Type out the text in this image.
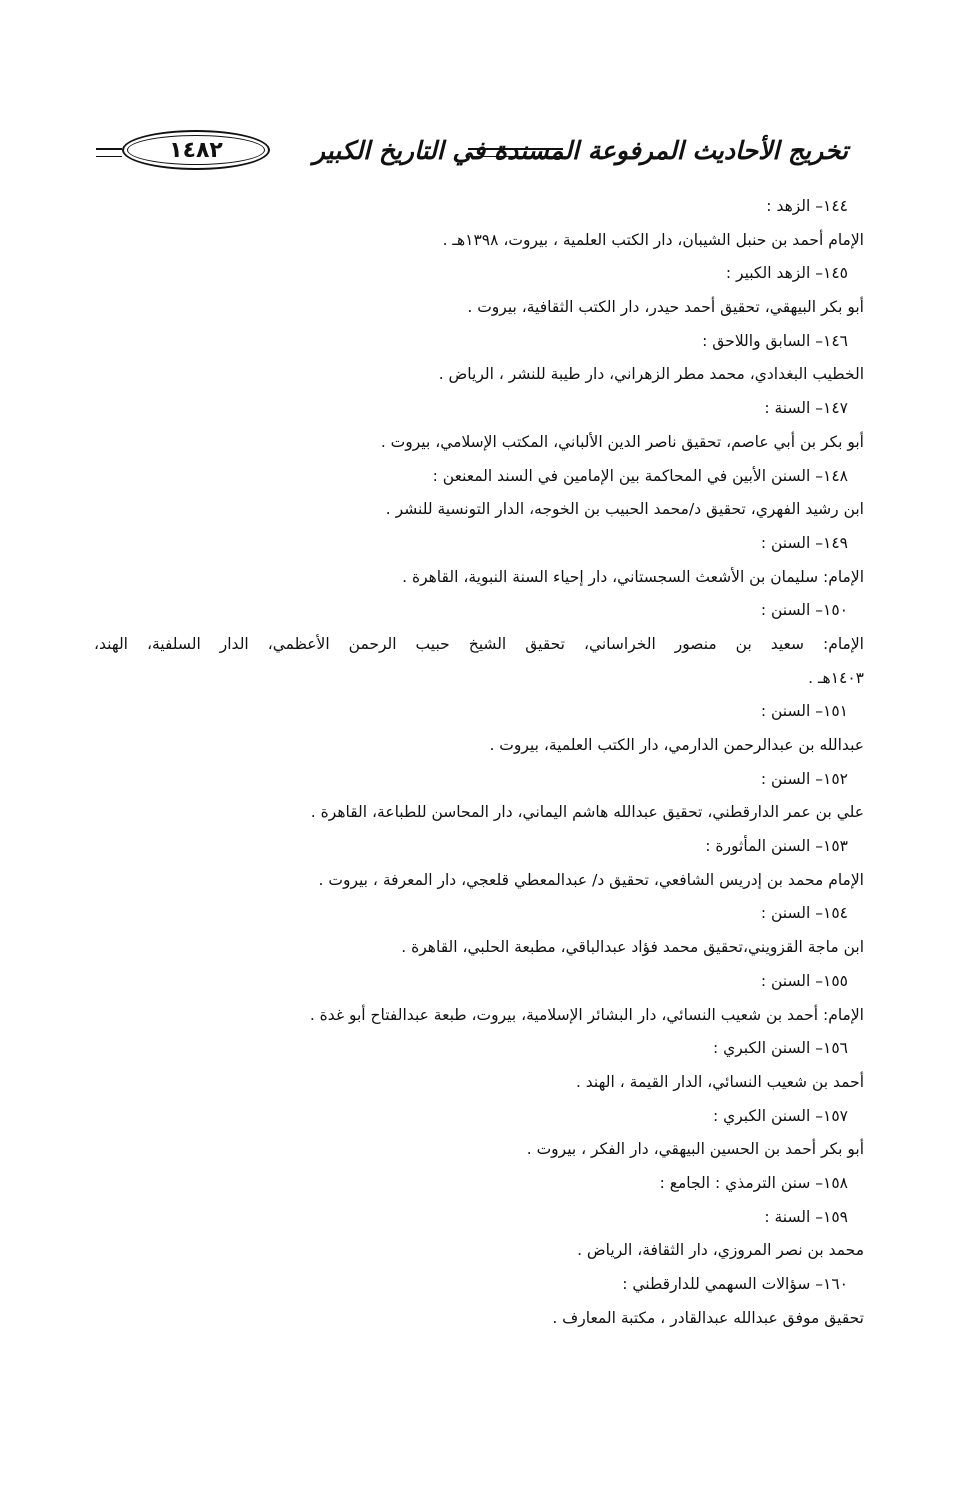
تخريج الأحاديث المرفوعة المسندة في التاريخ الكبير
١٤٨٢
١٤٤– الزهد :
الإمام أحمد بن حنبل الشيبان، دار الكتب العلمية ، بيروت، ١٣٩٨هـ .
١٤٥– الزهد الكبير :
أبو بكر البيهقي، تحقيق أحمد حيدر، دار الكتب الثقافية، بيروت .
١٤٦– السابق واللاحق :
الخطيب البغدادي، محمد مطر الزهراني، دار طيبة للنشر ، الرياض .
١٤٧– السنة :
أبو بكر بن أبي عاصم، تحقيق ناصر الدين الألباني، المكتب الإسلامي، بيروت .
١٤٨– السنن الأبين في المحاكمة بين الإمامين في السند المعنعن :
ابن رشيد الفهري، تحقيق د/محمد الحبيب بن الخوجه، الدار التونسية للنشر .
١٤٩– السنن :
الإمام: سليمان بن الأشعث السجستاني، دار إحياء السنة النبوية، القاهرة .
١٥٠– السنن :
الإمام: سعيد بن منصور الخراساني، تحقيق الشيخ حبيب الرحمن الأعظمي، الدار السلفية، الهند،
١٤٠٣هـ .
١٥١– السنن :
عبدالله بن عبدالرحمن الدارمي، دار الكتب العلمية، بيروت .
١٥٢– السنن :
علي بن عمر الدارقطني، تحقيق عبدالله هاشم اليماني، دار المحاسن للطباعة، القاهرة .
١٥٣– السنن المأثورة :
الإمام محمد بن إدريس الشافعي، تحقيق د/ عبدالمعطي قلعجي، دار المعرفة ، بيروت .
١٥٤– السنن :
ابن ماجة القزويني،تحقيق محمد فؤاد عبدالباقي، مطبعة الحلبي، القاهرة .
١٥٥– السنن :
الإمام: أحمد بن شعيب النسائي، دار البشائر الإسلامية، بيروت، طبعة عبدالفتاح أبو غدة .
١٥٦– السنن الكبري :
أحمد بن شعيب النسائي، الدار القيمة ، الهند .
١٥٧– السنن الكبري :
أبو بكر أحمد بن الحسين البيهقي، دار الفكر ، بيروت .
١٥٨– سنن الترمذي : الجامع :
١٥٩– السنة :
محمد بن نصر المروزي، دار الثقافة، الرياض .
١٦٠– سؤالات السهمي للدارقطني :
تحقيق موفق عبدالله عبدالقادر ، مكتبة المعارف .
